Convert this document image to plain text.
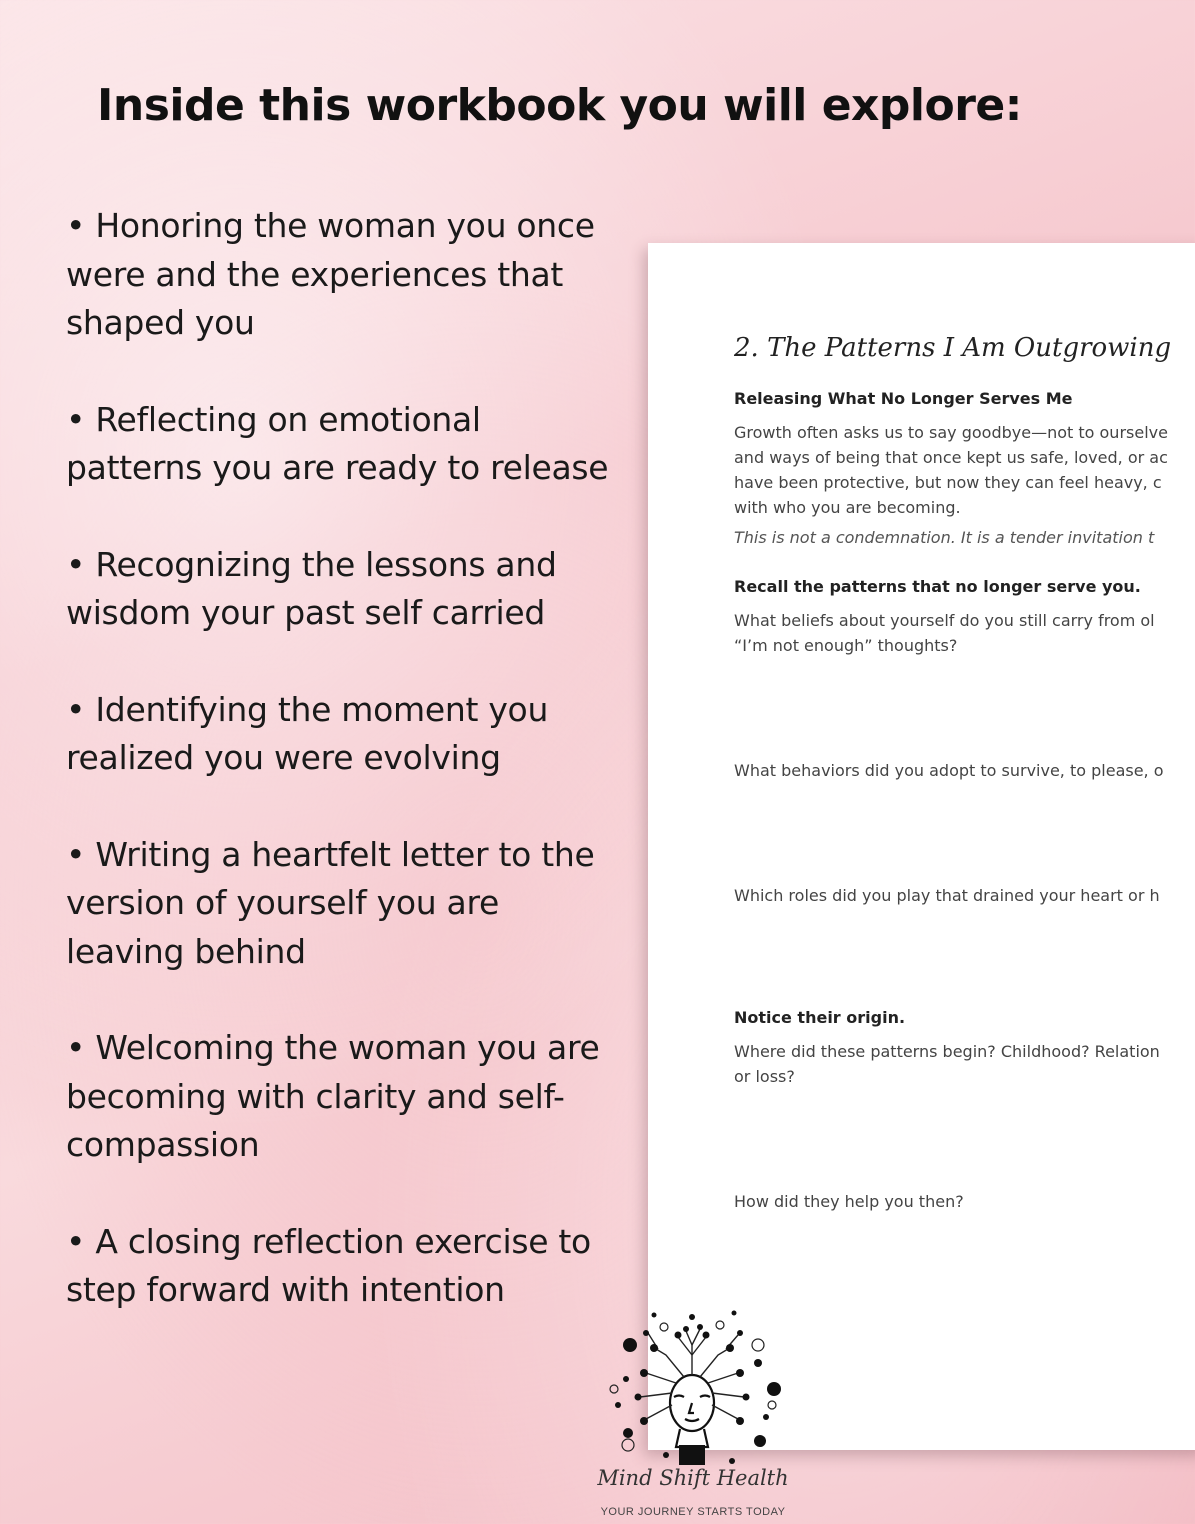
Inside this workbook you will explore:
• Honoring the woman you once were and the experiences that shaped you
• Reflecting on emotional patterns you are ready to release
• Recognizing the lessons and wisdom your past self carried
• Identifying the moment you realized you were evolving
• Writing a heartfelt letter to the version of yourself you are leaving behind
• Welcoming the woman you are becoming with clarity and self-compassion
• A closing reflection exercise to step forward with intention
2. The Patterns I Am Outgrowing
Releasing What No Longer Serves Me

Growth often asks us to say goodbye—not to ourselve

and ways of being that once kept us safe, loved, or ac

have been protective, but now they can feel heavy, c

with who you are becoming.

This is not a condemnation. It is a tender invitation t

Recall the patterns that no longer serve you.

What beliefs about yourself do you still carry from ol

“I’m not enough” thoughts?

What behaviors did you adopt to survive, to please, o

Which roles did you play that drained your heart or h

Notice their origin.

Where did these patterns begin? Childhood? Relation

or loss?

How did they help you then?

Mind Shift Health
YOUR JOURNEY STARTS TODAY
